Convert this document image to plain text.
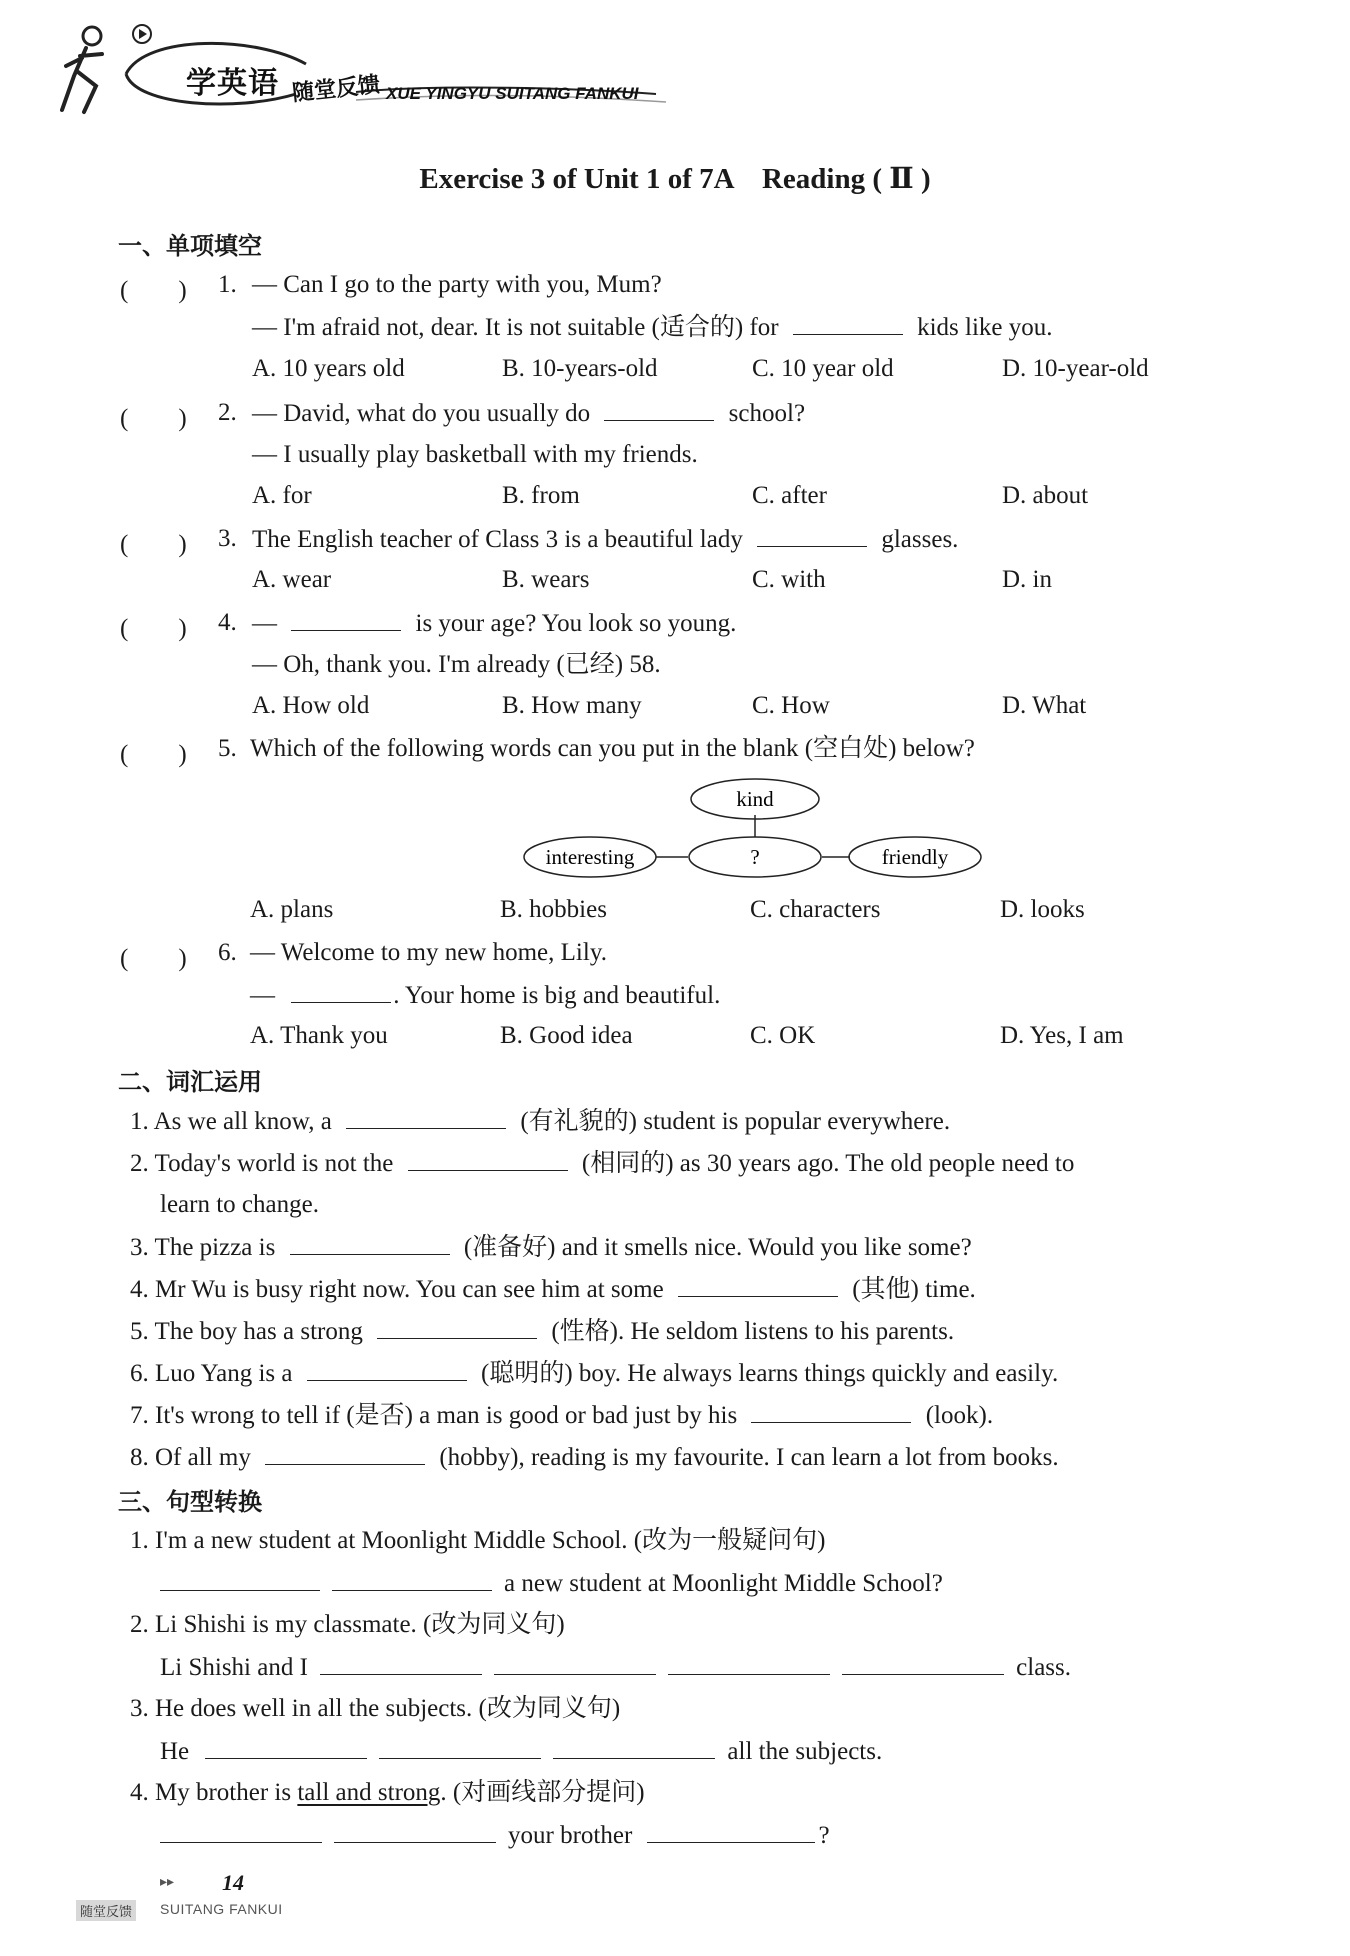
学英语 随堂反馈 XUE YINGYU SUITANG FANKUI
Exercise 3 of Unit 1 of 7A　Reading ( Ⅱ )
一、单项填空
(　　) 1. — Can I go to the party with you, Mum?
— I'm afraid not, dear. It is not suitable (适合的) for	kids like you.
A. 10 years old	B. 10-years-old	C. 10 year old	D. 10-year-old
(　　) 2. — David, what do you usually do	school?
— I usually play basketball with my friends.
A. for	B. from	C. after	D. about
(　　) 3. The English teacher of Class 3 is a beautiful lady	glasses.
A. wear	B. wears	C. with	D. in
(　　) 4. —	is your age? You look so young.
— Oh, thank you. I'm already (已经) 58.
A. How old	B. How many	C. How	D. What
(　　) 5. Which of the following words can you put in the blank (空白处) below?
kind
interesting	?	friendly
A. plans	B. hobbies	C. characters	D. looks
(　　) 6. — Welcome to my new home, Lily.
—	. Your home is big and beautiful.
A. Thank you	B. Good idea	C. OK	D. Yes, I am
二、词汇运用
1. As we all know, a	(有礼貌的) student is popular everywhere.
2. Today's world is not the	(相同的) as 30 years ago. The old people need to
learn to change.
3. The pizza is	(准备好) and it smells nice. Would you like some?
4. Mr Wu is busy right now. You can see him at some	(其他) time.
5. The boy has a strong	(性格). He seldom listens to his parents.
6. Luo Yang is a	(聪明的) boy. He always learns things quickly and easily.
7. It's wrong to tell if (是否) a man is good or bad just by his	(look).
8. Of all my	(hobby), reading is my favourite. I can learn a lot from books.
三、句型转换
1. I'm a new student at Moonlight Middle School. (改为一般疑问句)
a new student at Moonlight Middle School?
2. Li Shishi is my classmate. (改为同义句)
Li Shishi and I	class.
3. He does well in all the subjects. (改为同义句)
He	all the subjects.
4. My brother is tall and strong. (对画线部分提问)
your brother	?
▸▸ 14
随堂反馈 SUITANG FANKUI
